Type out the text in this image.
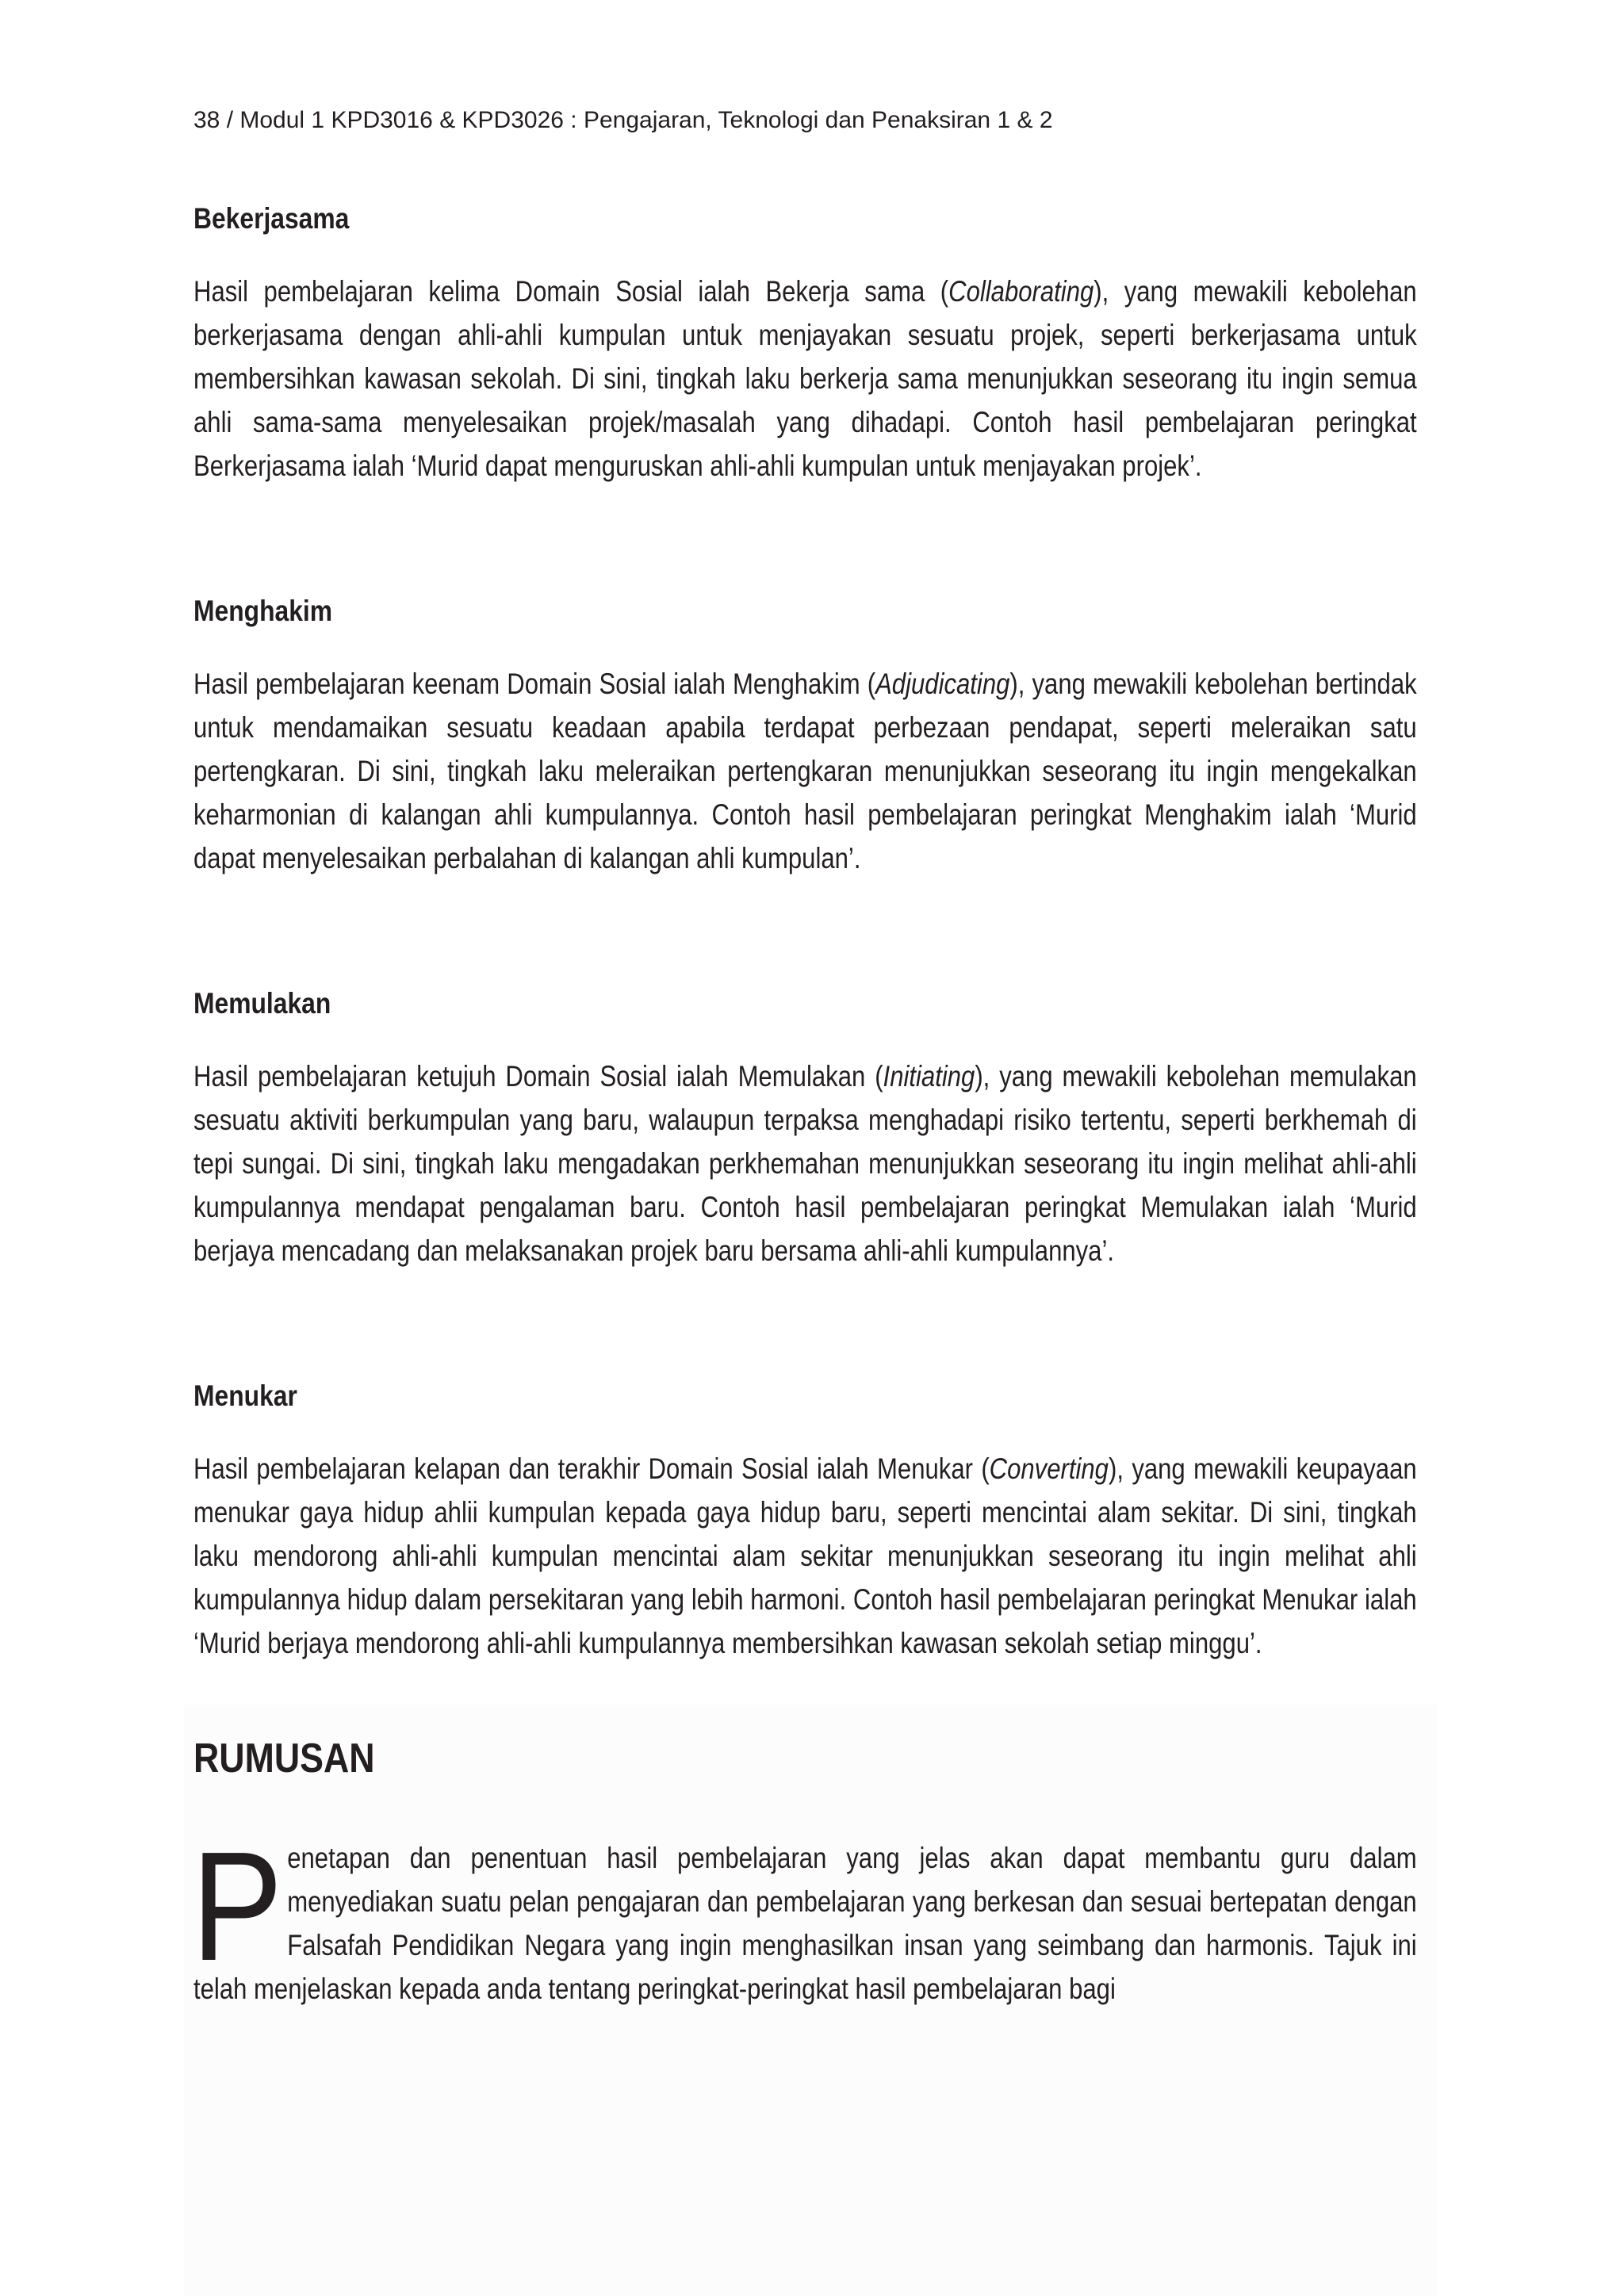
38 / Modul 1 KPD3016 & KPD3026 : Pengajaran, Teknologi dan Penaksiran 1 & 2
Bekerjasama

Hasil pembelajaran kelima Domain Sosial ialah Bekerja sama (Collaborating), yang mewakili kebolehan berkerjasama dengan ahli-ahli kumpulan untuk menjayakan sesuatu projek, seperti berkerjasama untuk membersihkan kawasan sekolah. Di sini, tingkah laku berkerja sama menunjukkan seseorang itu ingin semua ahli sama-sama menyelesaikan projek/masalah yang dihadapi. Contoh hasil pembelajaran peringkat Berkerjasama ialah ‘Murid dapat menguruskan ahli-ahli kumpulan untuk menjayakan projek’.

Menghakim

Hasil pembelajaran keenam Domain Sosial ialah Menghakim (Adjudicating), yang mewakili kebolehan bertindak untuk mendamaikan sesuatu keadaan apabila terdapat perbezaan pendapat, seperti meleraikan satu pertengkaran. Di sini, tingkah laku meleraikan pertengkaran menunjukkan seseorang itu ingin mengekalkan keharmonian di kalangan ahli kumpulannya. Contoh hasil pembelajaran peringkat Menghakim ialah ‘Murid dapat menyelesaikan perbalahan di kalangan ahli kumpulan’.

Memulakan

Hasil pembelajaran ketujuh Domain Sosial ialah Memulakan (Initiating), yang mewakili kebolehan memulakan sesuatu aktiviti berkumpulan yang baru, walaupun terpaksa menghadapi risiko tertentu, seperti berkhemah di tepi sungai. Di sini, tingkah laku mengadakan perkhemahan menunjukkan seseorang itu ingin melihat ahli-ahli kumpulannya mendapat pengalaman baru. Contoh hasil pembelajaran peringkat Memulakan ialah ‘Murid berjaya mencadang dan melaksanakan projek baru bersama ahli-ahli kumpulannya’.

Menukar

Hasil pembelajaran kelapan dan terakhir Domain Sosial ialah Menukar (Converting), yang mewakili keupayaan menukar gaya hidup ahlii kumpulan kepada gaya hidup baru, seperti mencintai alam sekitar. Di sini, tingkah laku mendorong ahli-ahli kumpulan mencintai alam sekitar menunjukkan seseorang itu ingin melihat ahli kumpulannya hidup dalam persekitaran yang lebih harmoni. Contoh hasil pembelajaran peringkat Menukar ialah ‘Murid berjaya mendorong ahli-ahli kumpulannya membersihkan kawasan sekolah setiap minggu’.

RUMUSAN

Penetapan dan penentuan hasil pembelajaran yang jelas akan dapat membantu guru dalam menyediakan suatu pelan pengajaran dan pembelajaran yang berkesan dan sesuai bertepatan dengan Falsafah Pendidikan Negara yang ingin menghasilkan insan yang seimbang dan harmonis. Tajuk ini telah menjelaskan kepada anda tentang peringkat-peringkat hasil pembelajaran bagi
